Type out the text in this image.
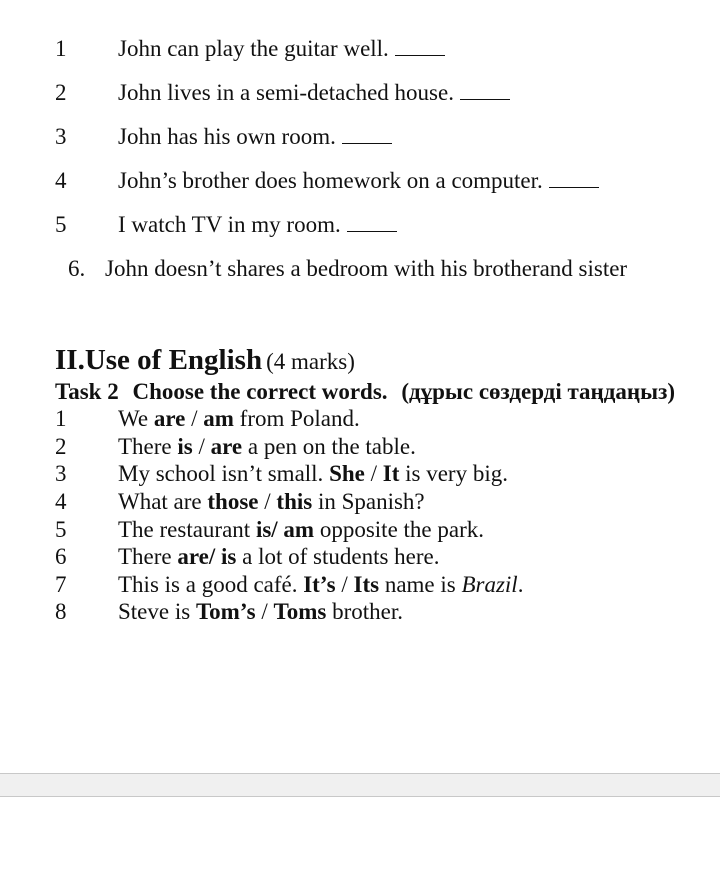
1 John can play the guitar well.
2 John lives in a semi-detached house.
3 John has his own room.
4 John’s brother does homework on a computer.
5 I watch TV in my room.
6. John doesn’t shares a bedroom with his brotherand sister
II.Use of English (4 marks)
Task 2 Choose the correct words. (дұрыс сөздерді таңдаңыз)
1 We are / am from Poland.
2 There is / are a pen on the table.
3 My school isn’t small. She / It is very big.
4 What are those / this in Spanish?
5 The restaurant is/ am opposite the park.
6 There are/ is a lot of students here.
7 This is a good café. It’s / Its name is Brazil.
8 Steve is Tom’s / Toms brother.
